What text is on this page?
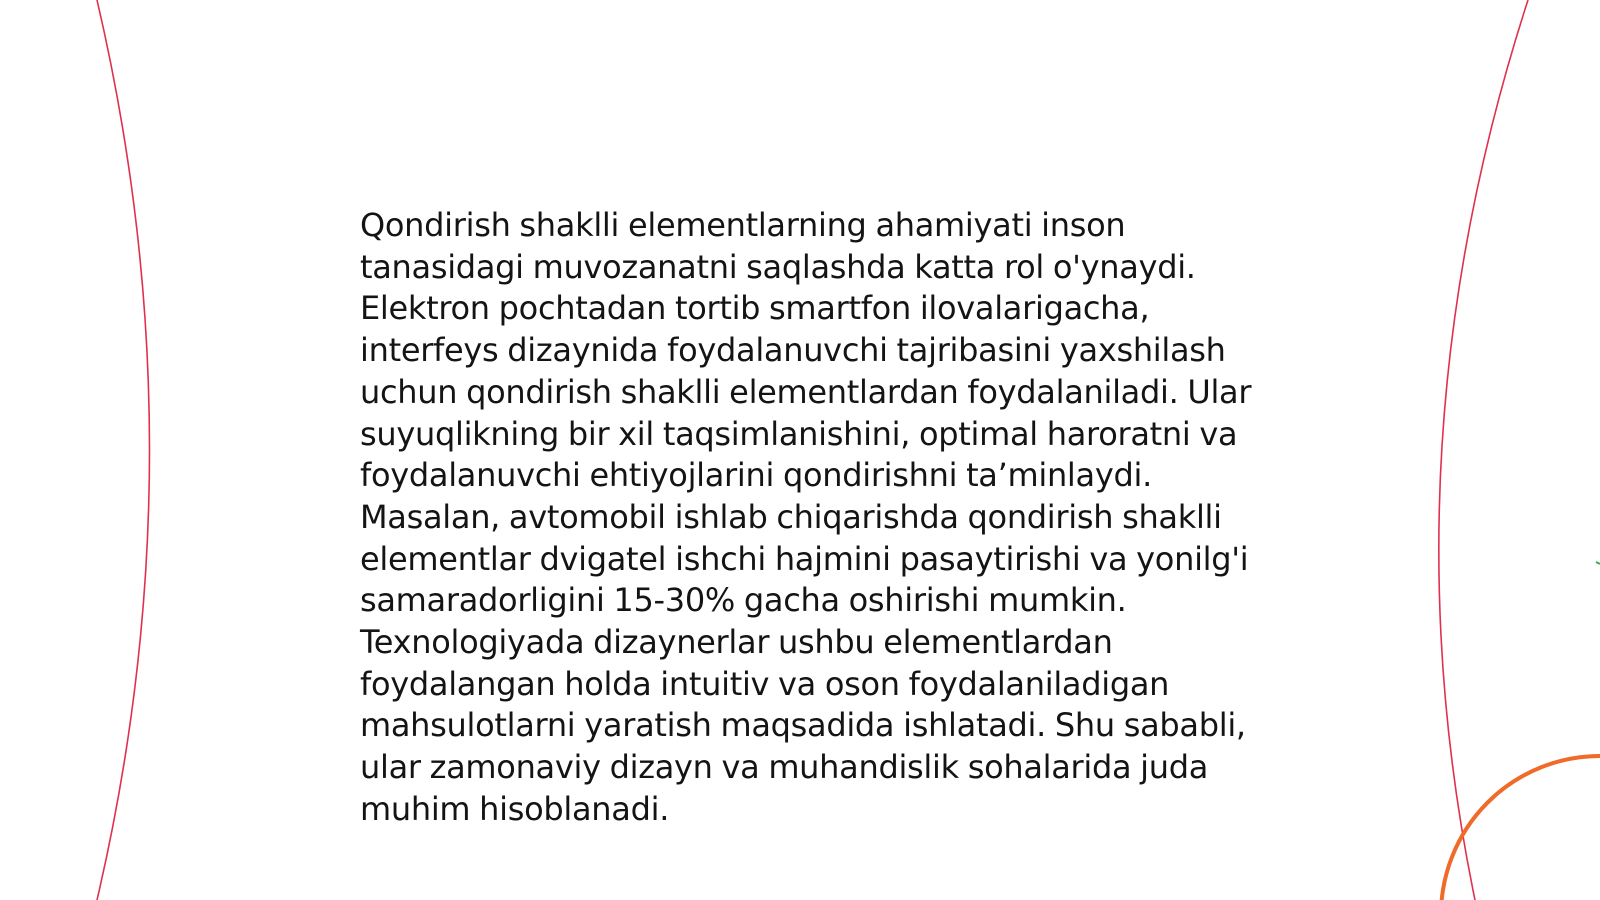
Qondirish shaklli elementlarning ahamiyati inson tanasidagi muvozanatni saqlashda katta rol o'ynaydi. Elektron pochtadan tortib smartfon ilovalarigacha, interfeys dizaynida foydalanuvchi tajribasini yaxshilash uchun qondirish shaklli elementlardan foydalaniladi. Ular suyuqlikning bir xil taqsimlanishini, optimal haroratni va foydalanuvchi ehtiyojlarini qondirishni ta’minlaydi. Masalan, avtomobil ishlab chiqarishda qondirish shaklli elementlar dvigatel ishchi hajmini pasaytirishi va yonilg'i samaradorligini 15-30% gacha oshirishi mumkin. Texnologiyada dizaynerlar ushbu elementlardan foydalangan holda intuitiv va oson foydalaniladigan mahsulotlarni yaratish maqsadida ishlatadi. Shu sababli, ular zamonaviy dizayn va muhandislik sohalarida juda muhim hisoblanadi.
